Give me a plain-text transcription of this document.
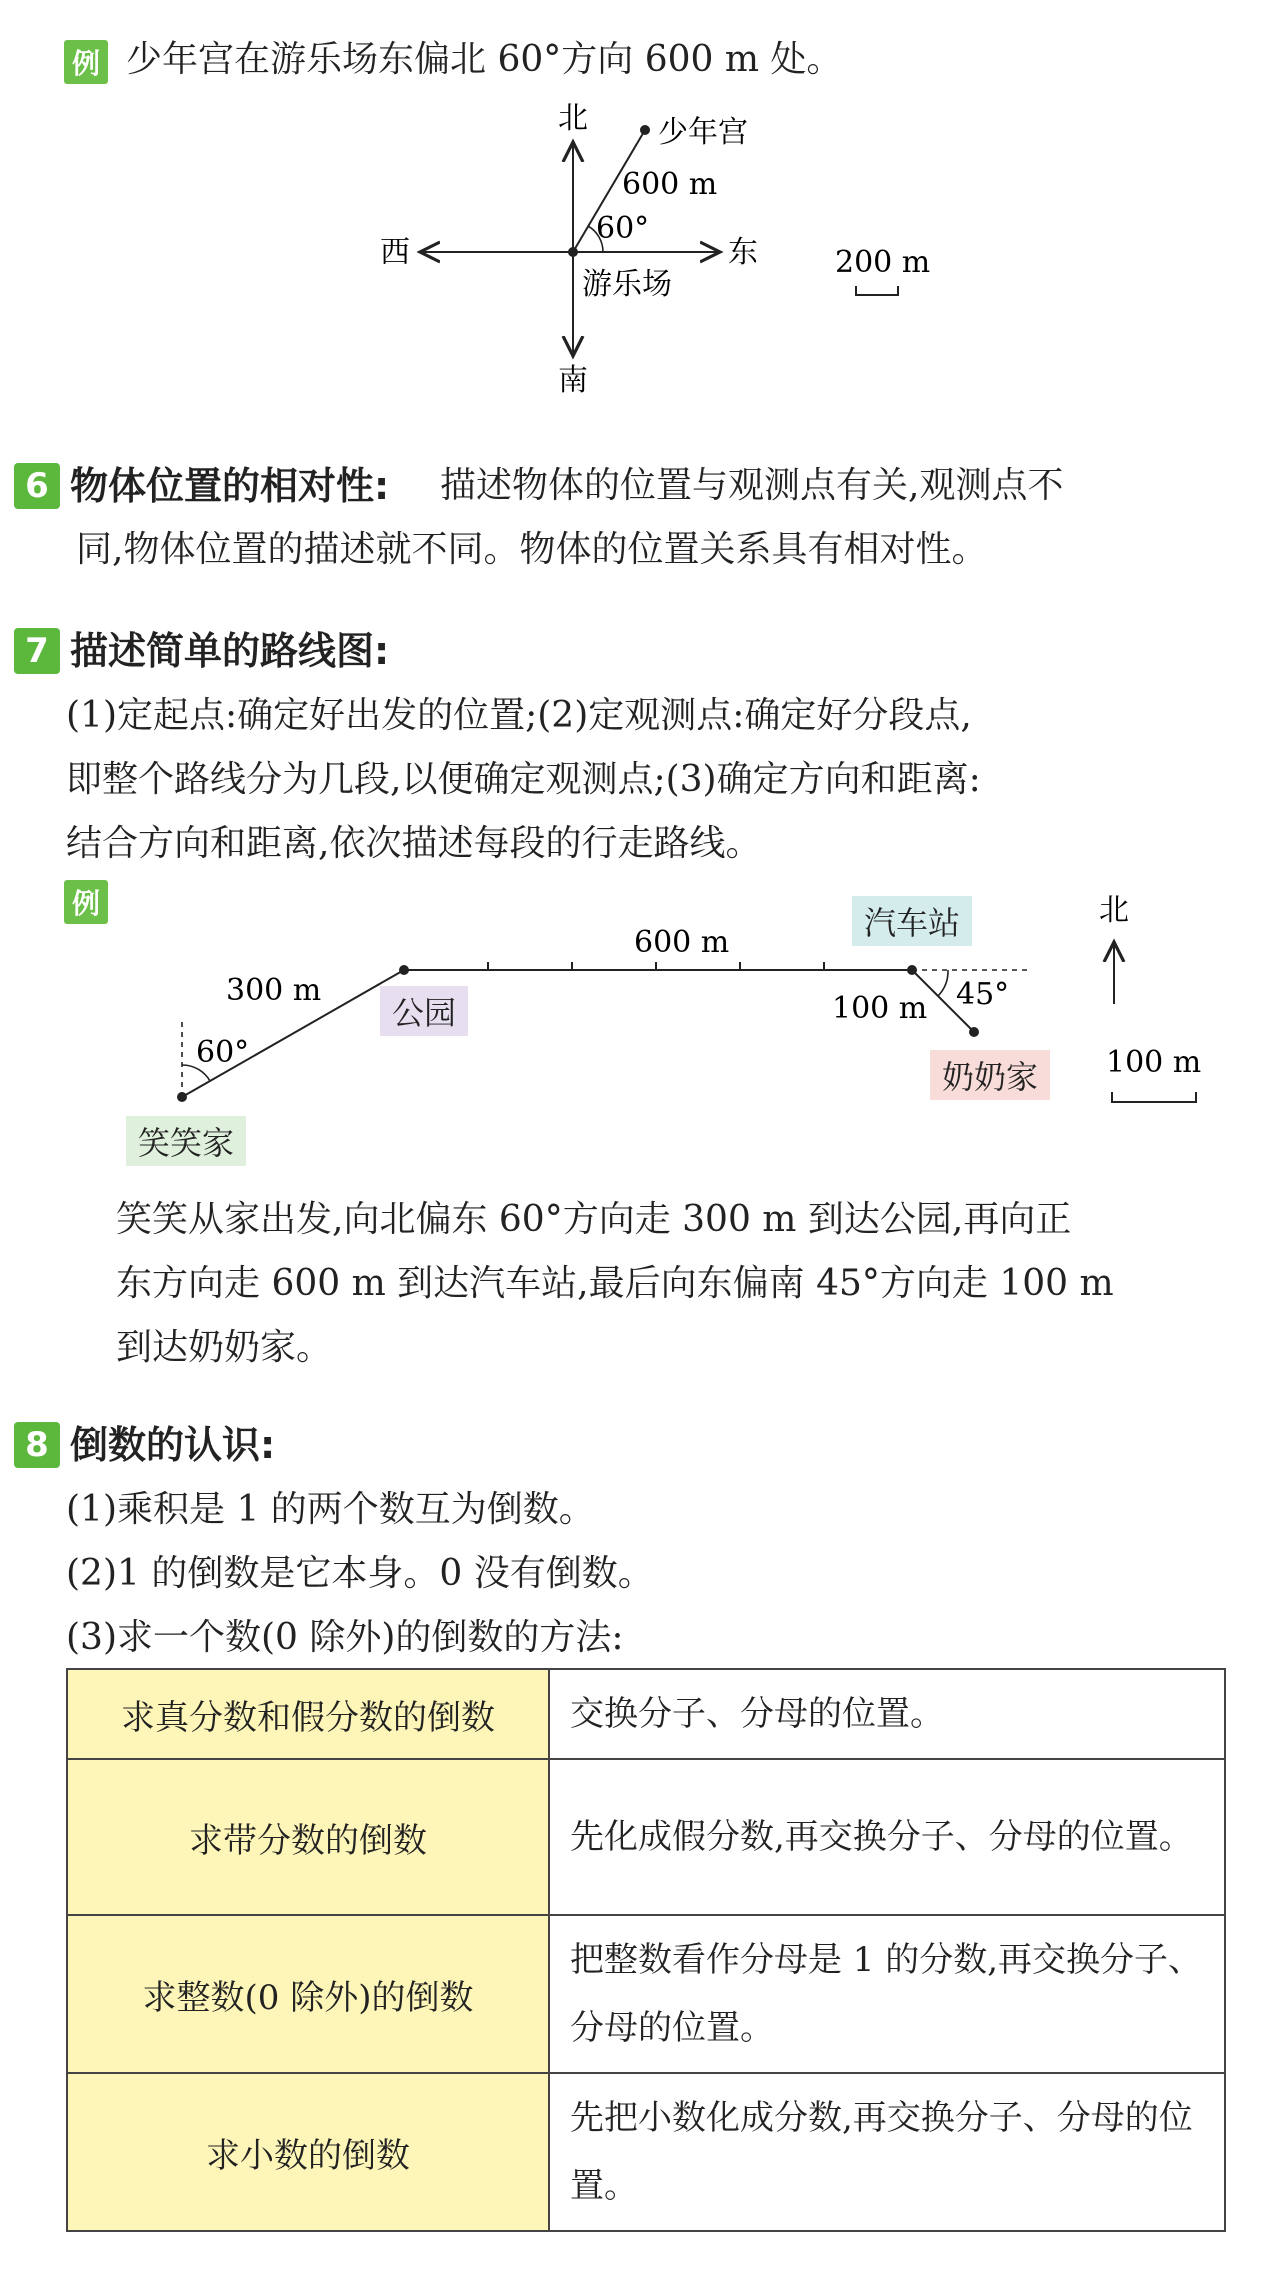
例 少年宫在游乐场东偏北 60°方向 600 m 处。
北
南
东
西
少年宫
600 m
60°
游乐场
200 m
6 物体位置的相对性: 描述物体的位置与观测点有关,观测点不
同,物体位置的描述就不同。物体的位置关系具有相对性。
7 描述简单的路线图:
(1)定起点:确定好出发的位置;(2)定观测点:确定好分段点,
即整个路线分为几段,以便确定观测点;(3)确定方向和距离:
结合方向和距离,依次描述每段的行走路线。
例
300 m
60°
600 m
100 m 45°
北
100 m
公园
汽车站
奶奶家
笑笑家
笑笑从家出发,向北偏东 60°方向走 300 m 到达公园,再向正
东方向走 600 m 到达汽车站,最后向东偏南 45°方向走 100 m
到达奶奶家。
8 倒数的认识:
(1)乘积是 1 的两个数互为倒数。
(2)1 的倒数是它本身。0 没有倒数。
(3)求一个数(0 除外)的倒数的方法:
求真分数和假分数的倒数	交换分子、分母的位置。
求带分数的倒数	先化成假分数,再交换分子、分母的位置。
求整数(0 除外)的倒数	把整数看作分母是 1 的分数,再交换分子、分母的位置。
求小数的倒数	先把小数化成分数,再交换分子、分母的位置。
